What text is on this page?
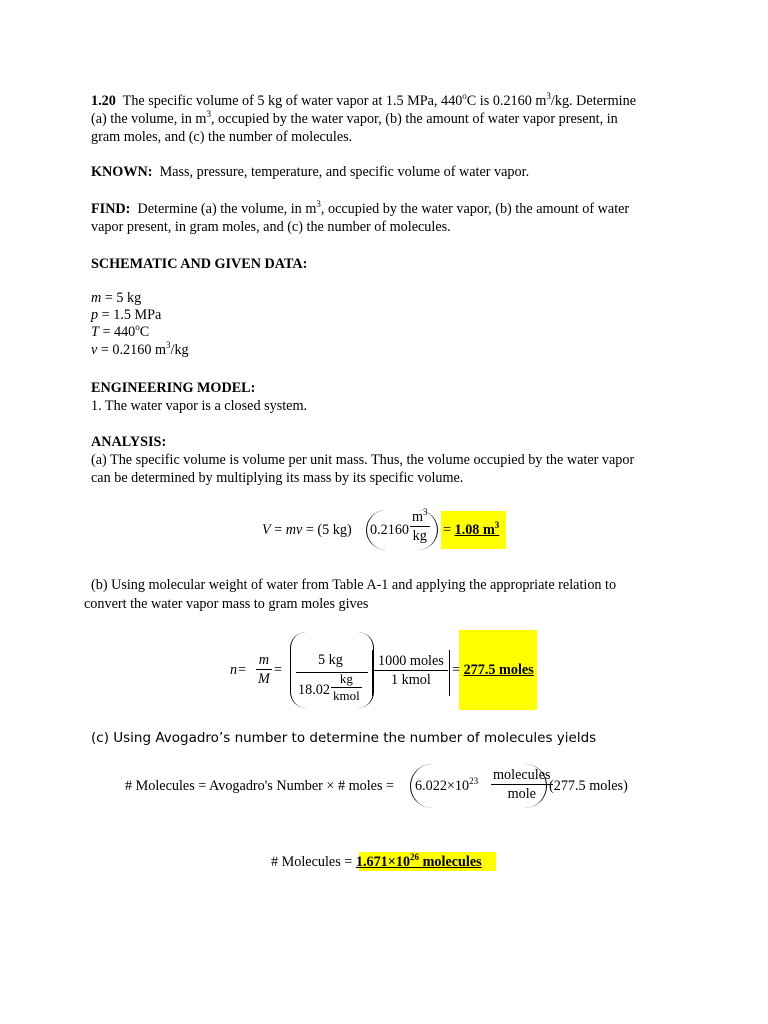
1.20 The specific volume of 5 kg of water vapor at 1.5 MPa, 440$^o$C is 0.2160 $m^3/kg$. Determine
(a) the volume, in $m^3$, occupied by the water vapor, (b) the amount of water vapor present, in
gram moles, and (c) the number of molecules.
KNOWN: Mass, pressure, temperature, and specific volume of water vapor.
FIND: Determine (a) the volume, in $m^3$, occupied by the water vapor, (b) the amount of water
vapor present, in gram moles, and (c) the number of molecules.
SCHEMATIC AND GIVEN DATA:
m = 5 kg
p = 1.5 MPa
$T = 440^oC$
v = 0.2160 $m^3/kg$
ENGINEERING MODEL:
1. The water vapor is a closed system.
ANALYSIS:
(a) The specific volume is volume per unit mass. Thus, the volume occupied by the water vapor
can be determined by multiplying its mass by its specific volume.
V = mv = (5 kg) $0.2160 \frac{m^3}{kg} = 1.08$ $m^3$
(b) Using molecular weight of water from Table A-1 and applying the appropriate relation to
convert the water vapor mass to gram moles gives
$n = \frac{m}{M}$ =
5 kg
18.02
kg
kmol
1000 moles
1 kmol
= 277.5 moles
(c) Using Avogadro’s number to determine the number of molecules yields
# Molecules = Avogadro's Number × # moles = $6.022\times 10^{23}$ molecules
mole (277.5 moles)
# Molecules = $1.671\times 10^{26}$ molecules
